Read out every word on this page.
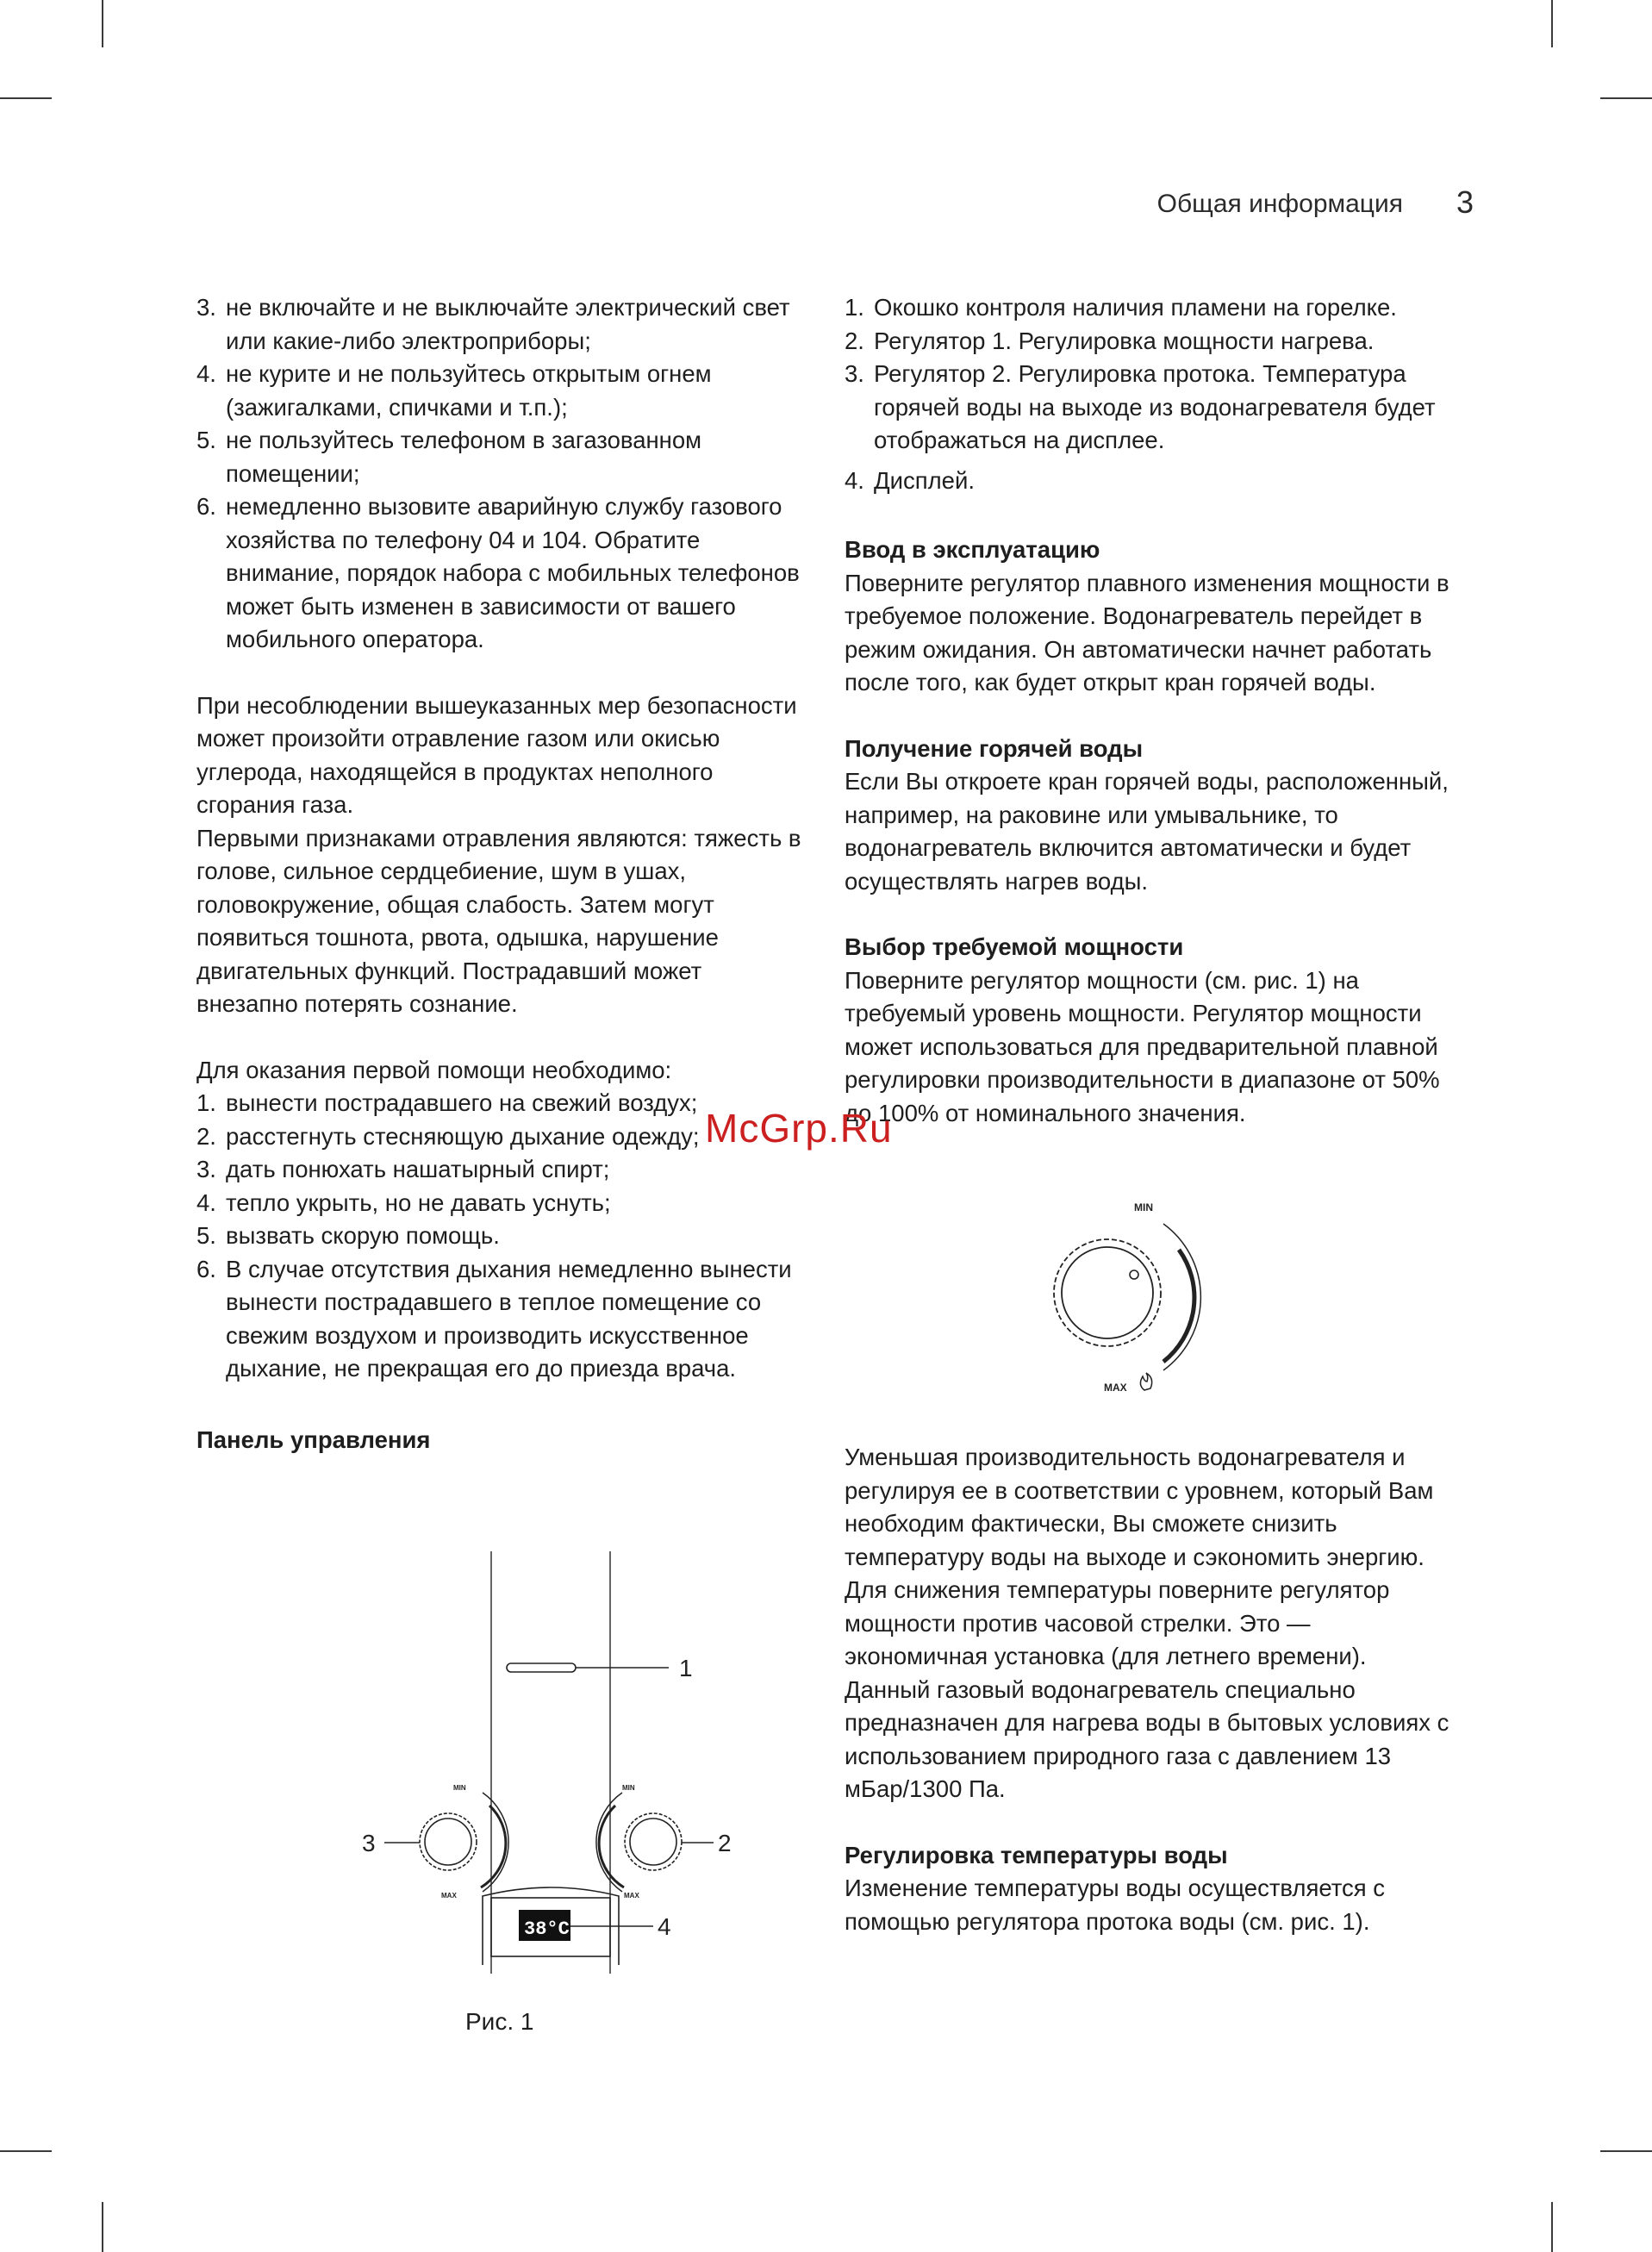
Общая информация 3
3. не включайте и не выключайте электрический свет или какие-либо электроприборы;
4. не курите и не пользуйтесь открытым огнем (зажигалками, спичками и т.п.);
5. не пользуйтесь телефоном в загазованном помещении;
6. немедленно вызовите аварийную службу газового хозяйства по телефону 04 и 104. Обратите внимание, порядок набора с мобильных телефонов может быть изменен в зависимости от вашего мобильного оператора.

При несоблюдении вышеуказанных мер безопасности может произойти отравление газом или окисью углерода, находящейся в продуктах неполного сгорания газа.

Первыми признаками отравления являются: тяжесть в голове, сильное сердцебиение, шум в ушах, головокружение, общая слабость. Затем могут появиться тошнота, рвота, одышка, нарушение двигательных функций. Пострадавший может внезапно потерять сознание.

Для оказания первой помощи необходимо:

1. вынести пострадавшего на свежий воздух;
2. расстегнуть стесняющую дыхание одежду;
3. дать понюхать нашатырный спирт;
4. тепло укрыть, но не давать уснуть;
5. вызвать скорую помощь.
6. В случае отсутствия дыхания немедленно вынести вынести пострадавшего в теплое помещение со свежим воздухом и производить искусственное дыхание, не прекращая его до приезда врача.

Панель управления

1. Окошко контроля наличия пламени на горелке.
2. Регулятор 1. Регулировка мощности нагрева.
3. Регулятор 2. Регулировка протока. Температура горячей воды на выходе из водонагревателя будет отображаться на дисплее.
4. Дисплей.

Ввод в эксплуатацию

Поверните регулятор плавного изменения мощности в требуемое положение. Водонагреватель перейдет в режим ожидания. Он автоматически начнет работать после того, как будет открыт кран горячей воды.

Получение горячей воды

Если Вы откроете кран горячей воды, расположенный, например, на раковине или умывальнике, то водонагреватель включится автоматически и будет осуществлять нагрев воды.

Выбор требуемой мощности

Поверните регулятор мощности (см. рис. 1) на требуемый уровень мощности. Регулятор мощности может использоваться для предварительной плавной регулировки производительности в диапазоне от 50% до 100% от номинального значения.

Уменьшая производительность водонагревателя и регулируя ее в соответствии с уровнем, который Вам необходим фактически, Вы сможете снизить температуру воды на выходе и сэкономить энергию.

Для снижения температуры поверните регулятор мощности против часовой стрелки. Это — экономичная установка (для летнего времени).

Данный газовый водонагреватель специально предназначен для нагрева воды в бытовых условиях с использованием природного газа с давлением 13 мБар/1300 Па.

Регулировка температуры воды

Изменение температуры воды осуществляется с помощью регулятора протока воды (см. рис. 1).

McGrp.Ru
MIN
MAX
1
MIN
MAX
3
MIN
MAX
2
38°C	4
Рис. 1
